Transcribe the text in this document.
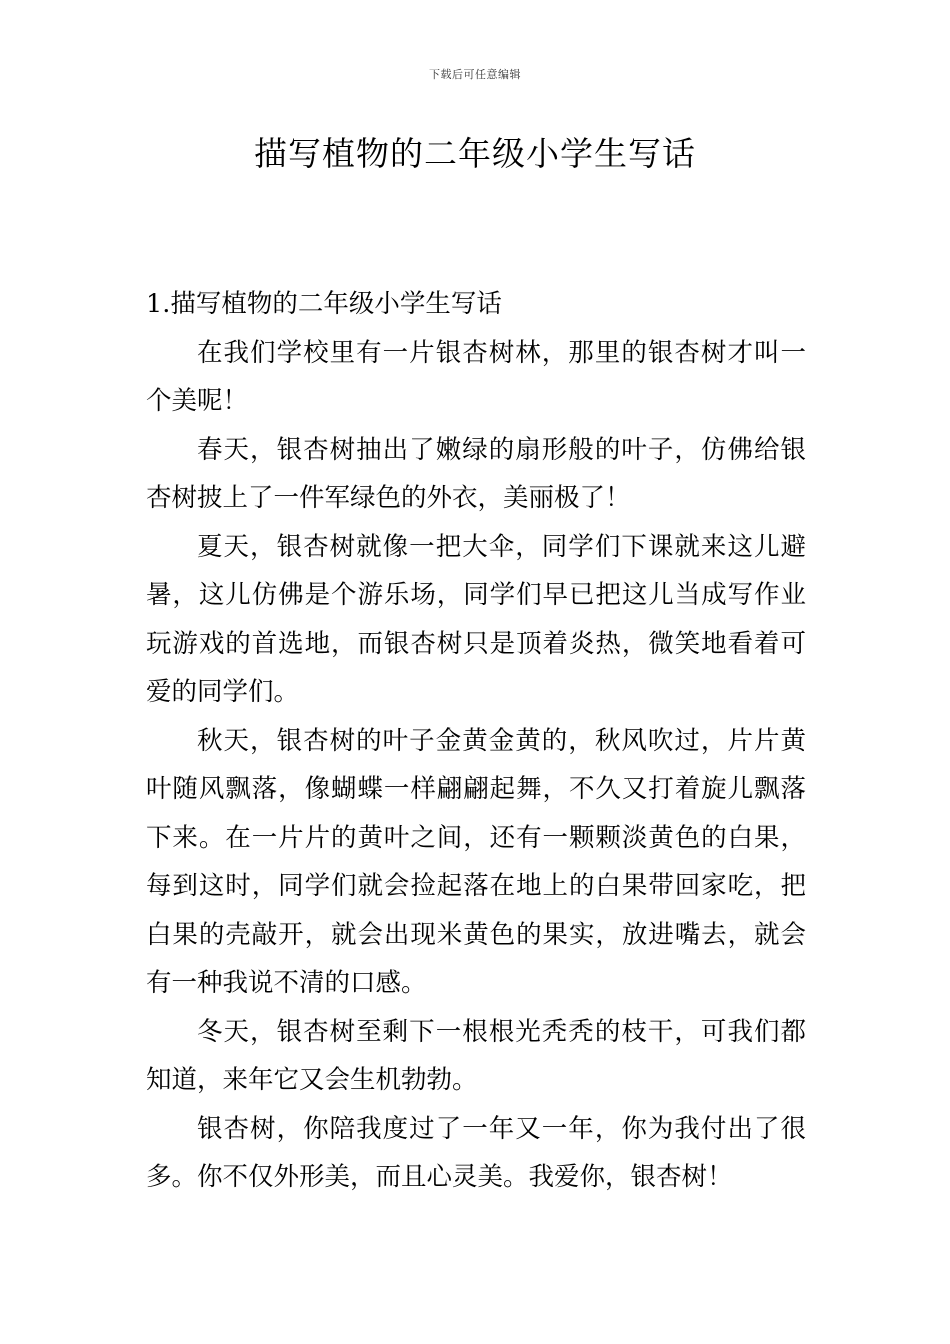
下载后可任意编辑
描写植物的二年级小学生写话
1.描写植物的二年级小学生写话

在我们学校里有一片银杏树林，那里的银杏树才叫一个美呢！

春天，银杏树抽出了嫩绿的扇形般的叶子，仿佛给银杏树披上了一件军绿色的外衣，美丽极了！

夏天，银杏树就像一把大伞，同学们下课就来这儿避暑，这儿仿佛是个游乐场，同学们早已把这儿当成写作业玩游戏的首选地，而银杏树只是顶着炎热，微笑地看着可爱的同学们。

秋天，银杏树的叶子金黄金黄的，秋风吹过，片片黄叶随风飘落，像蝴蝶一样翩翩起舞，不久又打着旋儿飘落下来。在一片片的黄叶之间，还有一颗颗淡黄色的白果，每到这时，同学们就会捡起落在地上的白果带回家吃，把白果的壳敲开，就会出现米黄色的果实，放进嘴去，就会有一种我说不清的口感。

冬天，银杏树至剩下一根根光秃秃的枝干，可我们都知道，来年它又会生机勃勃。

银杏树，你陪我度过了一年又一年，你为我付出了很多。你不仅外形美，而且心灵美。我爱你，银杏树！
